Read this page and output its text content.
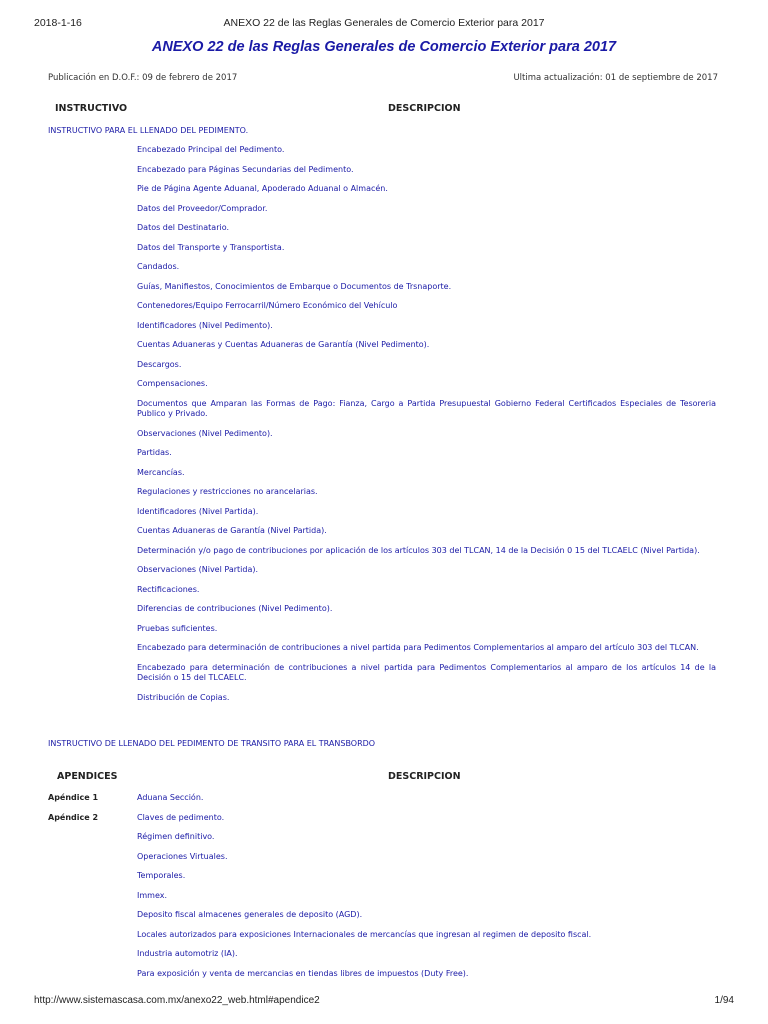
2018-1-16	ANEXO 22 de las Reglas Generales de Comercio Exterior para 2017
ANEXO 22 de las Reglas Generales de Comercio Exterior para 2017
Publicación en D.O.F.: 09 de febrero de 2017	Ultima actualización: 01 de septiembre de 2017
INSTRUCTIVO	DESCRIPCION
INSTRUCTIVO PARA EL LLENADO DEL PEDIMENTO.
Encabezado Principal del Pedimento.
Encabezado para Páginas Secundarias del Pedimento.
Pie de Página Agente Aduanal, Apoderado Aduanal o Almacén.
Datos del Proveedor/Comprador.
Datos del Destinatario.
Datos del Transporte y Transportista.
Candados.
Guías, Manifiestos, Conocimientos de Embarque o Documentos de Trsnaporte.
Contenedores/Equipo Ferrocarril/Número Económico del Vehículo
Identificadores (Nivel Pedimento).
Cuentas Aduaneras y Cuentas Aduaneras de Garantía (Nivel Pedimento).
Descargos.
Compensaciones.
Documentos que Amparan las Formas de Pago: Fianza, Cargo a Partida Presupuestal Gobierno Federal Certificados Especiales de Tesoreria Publico y Privado.
Observaciones (Nivel Pedimento).
Partidas.
Mercancías.
Regulaciones y restricciones no arancelarias.
Identificadores (Nivel Partida).
Cuentas Aduaneras de Garantía (Nivel Partida).
Determinación y/o pago de contribuciones por aplicación de los artículos 303 del TLCAN, 14 de la Decisión 0 15 del TLCAELC (Nivel Partida).
Observaciones (Nivel Partida).
Rectificaciones.
Diferencias de contribuciones (Nivel Pedimento).
Pruebas suficientes.
Encabezado para determinación de contribuciones a nivel partida para Pedimentos Complementarios al amparo del artículo 303 del TLCAN.
Encabezado para determinación de contribuciones a nivel partida para Pedimentos Complementarios al amparo de los artículos 14 de la Decisión o 15 del TLCAELC.
Distribución de Copias.
INSTRUCTIVO DE LLENADO DEL PEDIMENTO DE TRANSITO PARA EL TRANSBORDO
APENDICES	DESCRIPCION
Apéndice 1	Aduana Sección.
Apéndice 2	Claves de pedimento.
Régimen definitivo.
Operaciones Virtuales.
Temporales.
Immex.
Deposito fiscal almacenes generales de deposito (AGD).
Locales autorizados para exposiciones Internacionales de mercancías que ingresan al regimen de deposito fiscal.
Industria automotriz (IA).
Para exposición y venta de mercancias en tiendas libres de impuestos (Duty Free).
http://www.sistemascasa.com.mx/anexo22_web.html#apendice2	1/94
